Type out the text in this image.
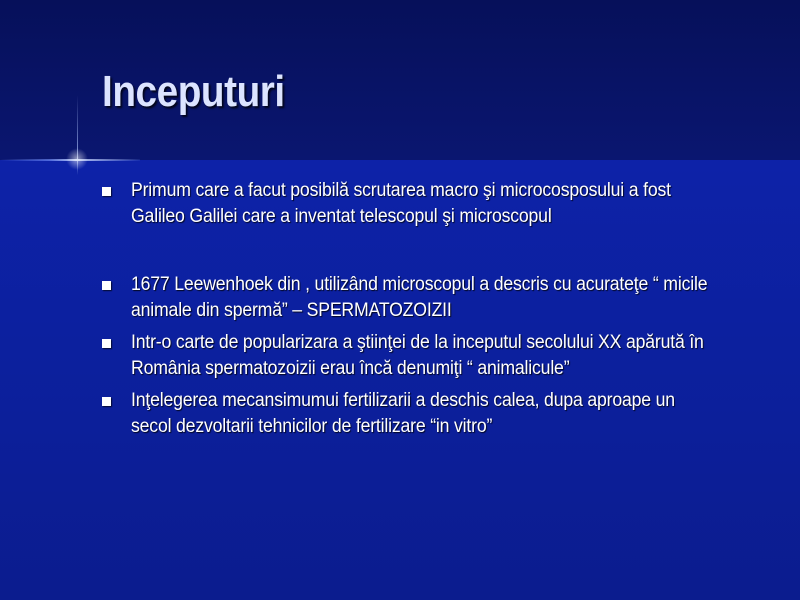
Inceputuri
Primum care a facut posibilă scrutarea macro şi microcosposului a fost
Galileo Galilei care a inventat telescopul şi microscopul
1677 Leewenhoek din , utilizând microscopul a descris cu acurateţe “ micile
animale din spermă” – SPERMATOZOIZII
Intr-o carte de popularizara a ştiinţei de la inceputul secolului XX apărută în
România spermatozoizii erau încă denumiţi “ animalicule”
Inţelegerea mecansimumui fertilizarii a deschis calea, dupa aproape un
secol dezvoltarii tehnicilor de fertilizare “in vitro”
